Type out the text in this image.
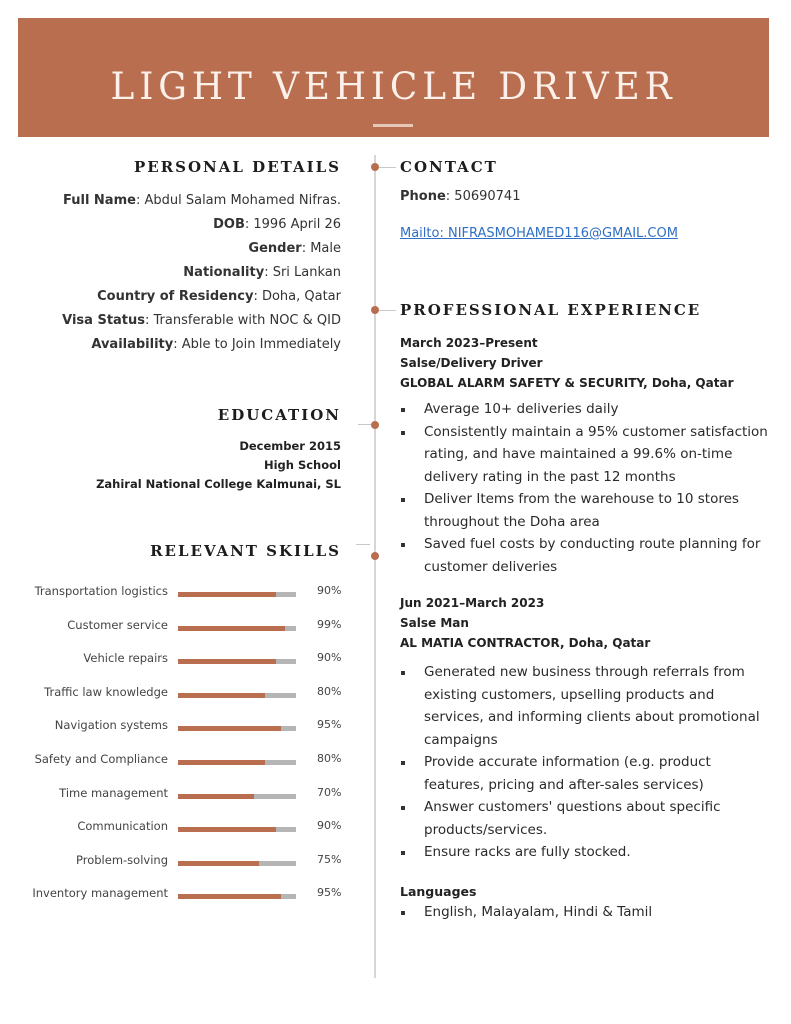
LIGHT VEHICLE DRIVER
PERSONAL DETAILS
Full Name: Abdul Salam Mohamed Nifras.
DOB: 1996 April 26
Gender: Male
Nationality: Sri Lankan
Country of Residency: Doha, Qatar
Visa Status: Transferable with NOC & QID
Availability: Able to Join Immediately
EDUCATION
December 2015
High School
Zahiral National College Kalmunai, SL
RELEVANT SKILLS
Transportation logistics	90%
Customer service	99%
Vehicle repairs	90%
Traffic law knowledge	80%
Navigation systems	95%
Safety and Compliance	80%
Time management	70%
Communication	90%
Problem-solving	75%
Inventory management	95%
CONTACT
Phone: 50690741
Mailto: NIFRASMOHAMED116@GMAIL.COM
PROFESSIONAL EXPERIENCE
March 2023–Present
Salse/Delivery Driver
GLOBAL ALARM SAFETY & SECURITY, Doha, Qatar
Average 10+ deliveries daily
Consistently maintain a 95% customer satisfaction rating, and have maintained a 99.6% on-time delivery rating in the past 12 months
Deliver Items from the warehouse to 10 stores throughout the Doha area
Saved fuel costs by conducting route planning for customer deliveries
Jun 2021–March 2023
Salse Man
AL MATIA CONTRACTOR, Doha, Qatar
Generated new business through referrals from existing customers, upselling products and services, and informing clients about promotional campaigns
Provide accurate information (e.g. product features, pricing and after-sales services)
Answer customers' questions about specific products/services.
Ensure racks are fully stocked.
Languages
English, Malayalam, Hindi & Tamil
